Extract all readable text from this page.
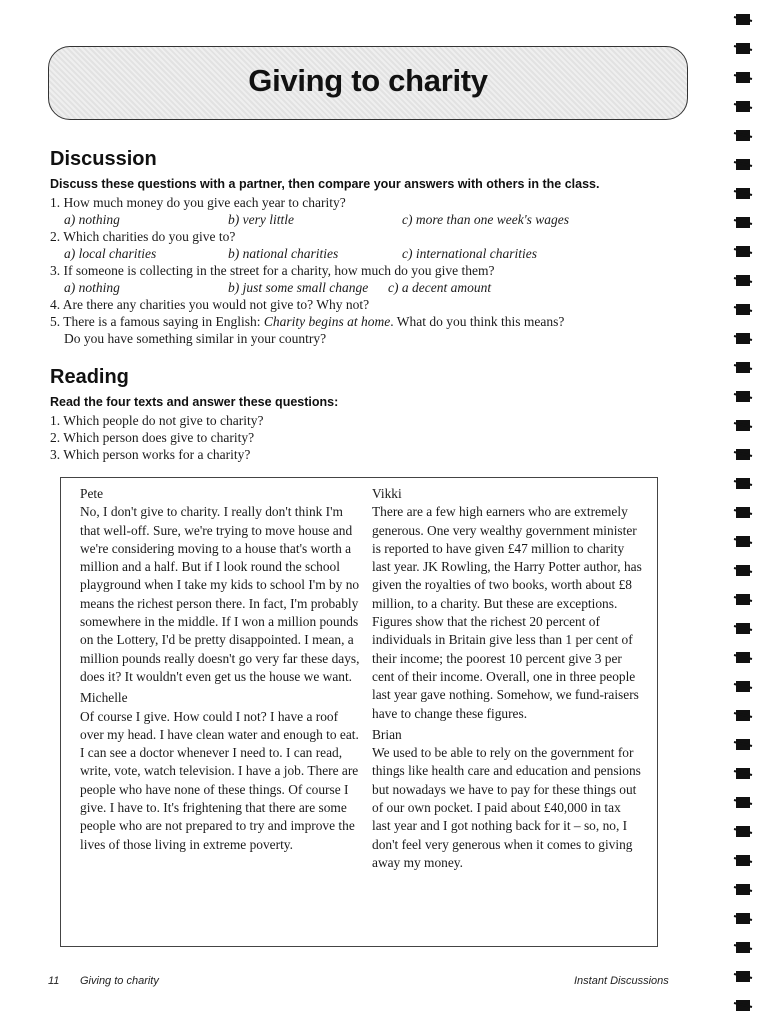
Giving to charity
Discussion

Discuss these questions with a partner, then compare your answers with others in the class.

1. How much money do you give each year to charity?
a) nothing	b) very little	c) more than one week's wages
2. Which charities do you give to?
a) local charities	b) national charities	c) international charities
3. If someone is collecting in the street for a charity, how much do you give them?
a) nothing	b) just some small change c) a decent amount
4. Are there any charities you would not give to? Why not?
5. There is a famous saying in English: Charity begins at home. What do you think this means?
Do you have something similar in your country?
Reading

Read the four texts and answer these questions:

1. Which people do not give to charity?
2. Which person does give to charity?
3. Which person works for a charity?

Pete

No, I don't give to charity. I really don't think I'm that well-off. Sure, we're trying to move house and we're considering moving to a house that's worth a million and a half. But if I look round the school playground when I take my kids to school I'm by no means the richest person there. In fact, I'm probably somewhere in the middle. If I won a million pounds on the Lottery, I'd be pretty disappointed. I mean, a million pounds really doesn't go very far these days, does it? It wouldn't even get us the house we want.

Michelle

Of course I give. How could I not? I have a roof over my head. I have clean water and enough to eat. I can see a doctor whenever I need to. I can read, write, vote, watch television. I have a job. There are people who have none of these things. Of course I give. I have to. It's frightening that there are some people who are not prepared to try and improve the lives of those living in extreme poverty.

Vikki

There are a few high earners who are extremely generous. One very wealthy government minister is reported to have given £47 million to charity last year. JK Rowling, the Harry Potter author, has given the royalties of two books, worth about £8 million, to a charity. But these are exceptions. Figures show that the richest 20 percent of individuals in Britain give less than 1 per cent of their income; the poorest 10 percent give 3 per cent of their income. Overall, one in three people last year gave nothing. Somehow, we fund-raisers have to change these figures.

Brian

We used to be able to rely on the government for things like health care and education and pensions but nowadays we have to pay for these things out of our own pocket. I paid about £40,000 in tax last year and I got nothing back for it – so, no, I don't feel very generous when it comes to giving away my money.

11 Giving to charity	Instant Discussions
